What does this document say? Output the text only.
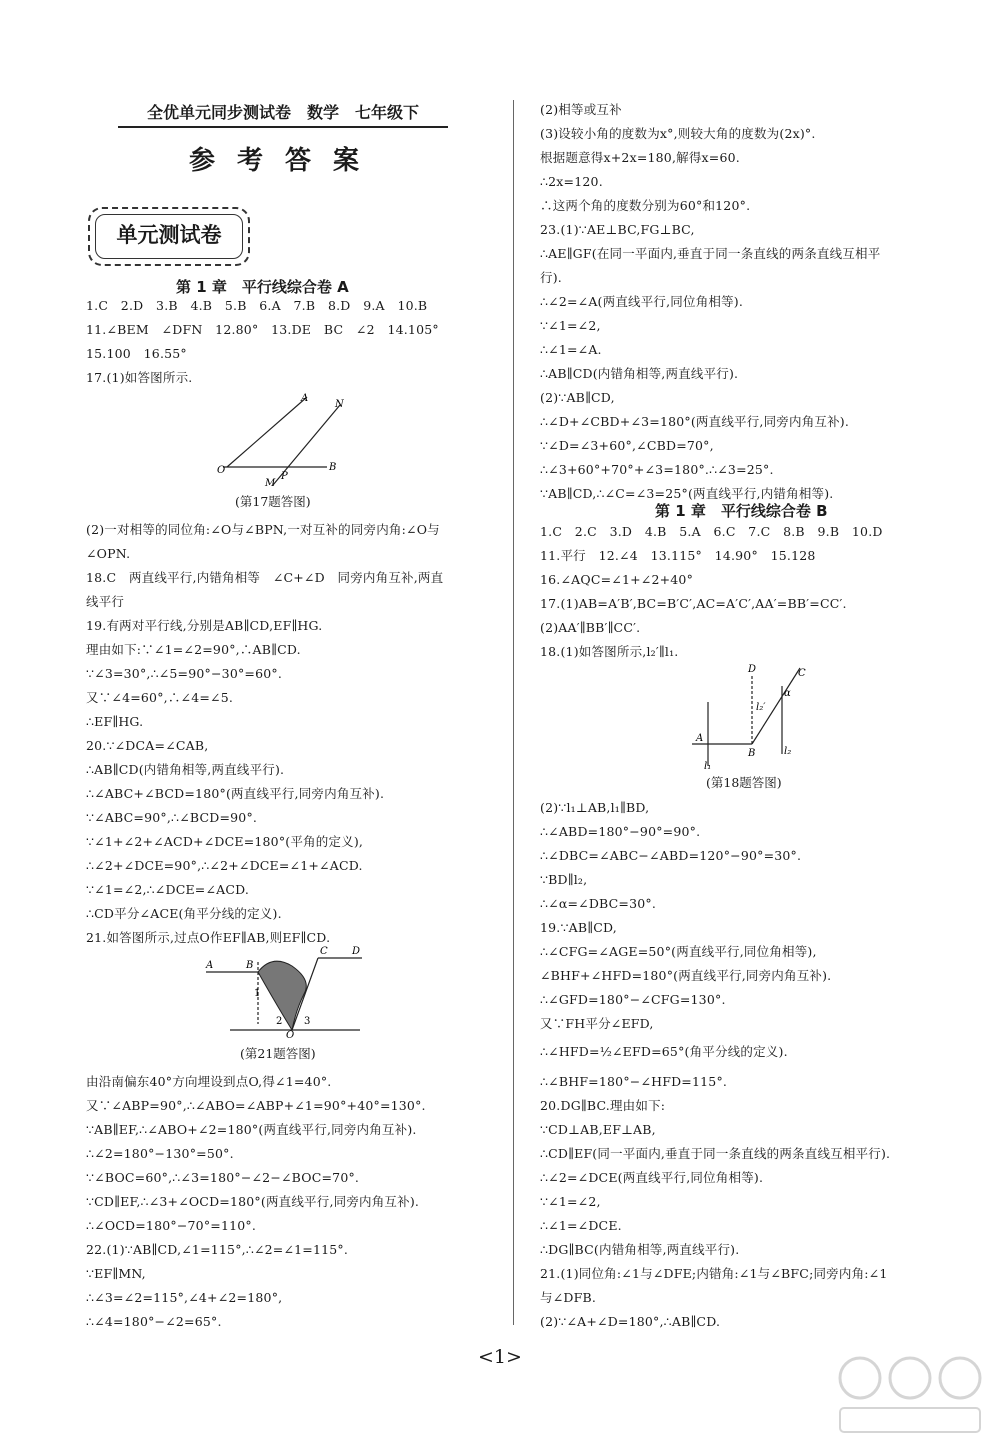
全优单元同步测试卷　数学　七年级下
参考答案
单元测试卷
第 1 章　平行线综合卷 A
第 1 章　平行线综合卷 B
1.C　2.D　3.B　4.B　5.B　6.A　7.B　8.D　9.A　10.B
11.∠BEM　∠DFN　12.80°　13.DE　BC　∠2　14.105°
15.100　16.55°
17.(1)如答图所示.
(2)一对相等的同位角:∠O与∠BPN,一对互补的同旁内角:∠O与
∠OPN.
18.C　两直线平行,内错角相等　∠C+∠D　同旁内角互补,两直
线平行
19.有两对平行线,分别是AB∥CD,EF∥HG.
理由如下:∵∠1=∠2=90°,∴AB∥CD.
∵∠3=30°,∴∠5=90°−30°=60°.
又∵∠4=60°,∴∠4=∠5.
∴EF∥HG.
20.∵∠DCA=∠CAB,
∴AB∥CD(内错角相等,两直线平行).
∴∠ABC+∠BCD=180°(两直线平行,同旁内角互补).
∵∠ABC=90°,∴∠BCD=90°.
∵∠1+∠2+∠ACD+∠DCE=180°(平角的定义),
∴∠2+∠DCE=90°,∴∠2+∠DCE=∠1+∠ACD.
∵∠1=∠2,∴∠DCE=∠ACD.
∴CD平分∠ACE(角平分线的定义).
21.如答图所示,过点O作EF∥AB,则EF∥CD.
由沿南偏东40°方向埋设到点O,得∠1=40°.
又∵∠ABP=90°,∴∠ABO=∠ABP+∠1=90°+40°=130°.
∵AB∥EF,∴∠ABO+∠2=180°(两直线平行,同旁内角互补).
∴∠2=180°−130°=50°.
∵∠BOC=60°,∴∠3=180°−∠2−∠BOC=70°.
∵CD∥EF,∴∠3+∠OCD=180°(两直线平行,同旁内角互补).
∴∠OCD=180°−70°=110°.
22.(1)∵AB∥CD,∠1=115°,∴∠2=∠1=115°.
∵EF∥MN,
∴∠3=∠2=115°,∠4+∠2=180°,
∴∠4=180°−∠2=65°.
(2)相等或互补
(3)设较小角的度数为x°,则较大角的度数为(2x)°.
根据题意得x+2x=180,解得x=60.
∴2x=120.
∴这两个角的度数分别为60°和120°.
23.(1)∵AE⊥BC,FG⊥BC,
∴AE∥GF(在同一平面内,垂直于同一条直线的两条直线互相平
行).
∴∠2=∠A(两直线平行,同位角相等).
∵∠1=∠2,
∴∠1=∠A.
∴AB∥CD(内错角相等,两直线平行).
(2)∵AB∥CD,
∴∠D+∠CBD+∠3=180°(两直线平行,同旁内角互补).
∵∠D=∠3+60°,∠CBD=70°,
∴∠3+60°+70°+∠3=180°.∴∠3=25°.
∵AB∥CD,∴∠C=∠3=25°(两直线平行,内错角相等).
1.C　2.C　3.D　4.B　5.A　6.C　7.C　8.B　9.B　10.D
11.平行　12.∠4　13.115°　14.90°　15.128
16.∠AQC=∠1+∠2+40°
17.(1)AB=A′B′,BC=B′C′,AC=A′C′,AA′=BB′=CC′.
(2)AA′∥BB′∥CC′.
18.(1)如答图所示,l₂′∥l₁.
(2)∵l₁⊥AB,l₁∥BD,
∴∠ABD=180°−90°=90°.
∴∠DBC=∠ABC−∠ABD=120°−90°=30°.
∵BD∥l₂,
∴∠α=∠DBC=30°.
19.∵AB∥CD,
∴∠CFG=∠AGE=50°(两直线平行,同位角相等),
∠BHF+∠HFD=180°(两直线平行,同旁内角互补).
∴∠GFD=180°−∠CFG=130°.
又∵FH平分∠EFD,
∴∠HFD=½∠EFD=65°(角平分线的定义).
∴∠BHF=180°−∠HFD=115°.
20.DG∥BC.理由如下:
∵CD⊥AB,EF⊥AB,
∴CD∥EF(同一平面内,垂直于同一条直线的两条直线互相平行).
∴∠2=∠DCE(两直线平行,同位角相等).
∵∠1=∠2,
∴∠1=∠DCE.
∴DG∥BC(内错角相等,两直线平行).
21.(1)同位角:∠1与∠DFE;内错角:∠1与∠BFC;同旁内角:∠1
与∠DFB.
(2)∵∠A+∠D=180°,∴AB∥CD.
A
N
O
P
B
M
(第17题答图)
C D
A	B
1
2 3
O
(第21题答图)
D	C
α
l₂′
A
B
l₁
l₂
(第18题答图)
<1>
